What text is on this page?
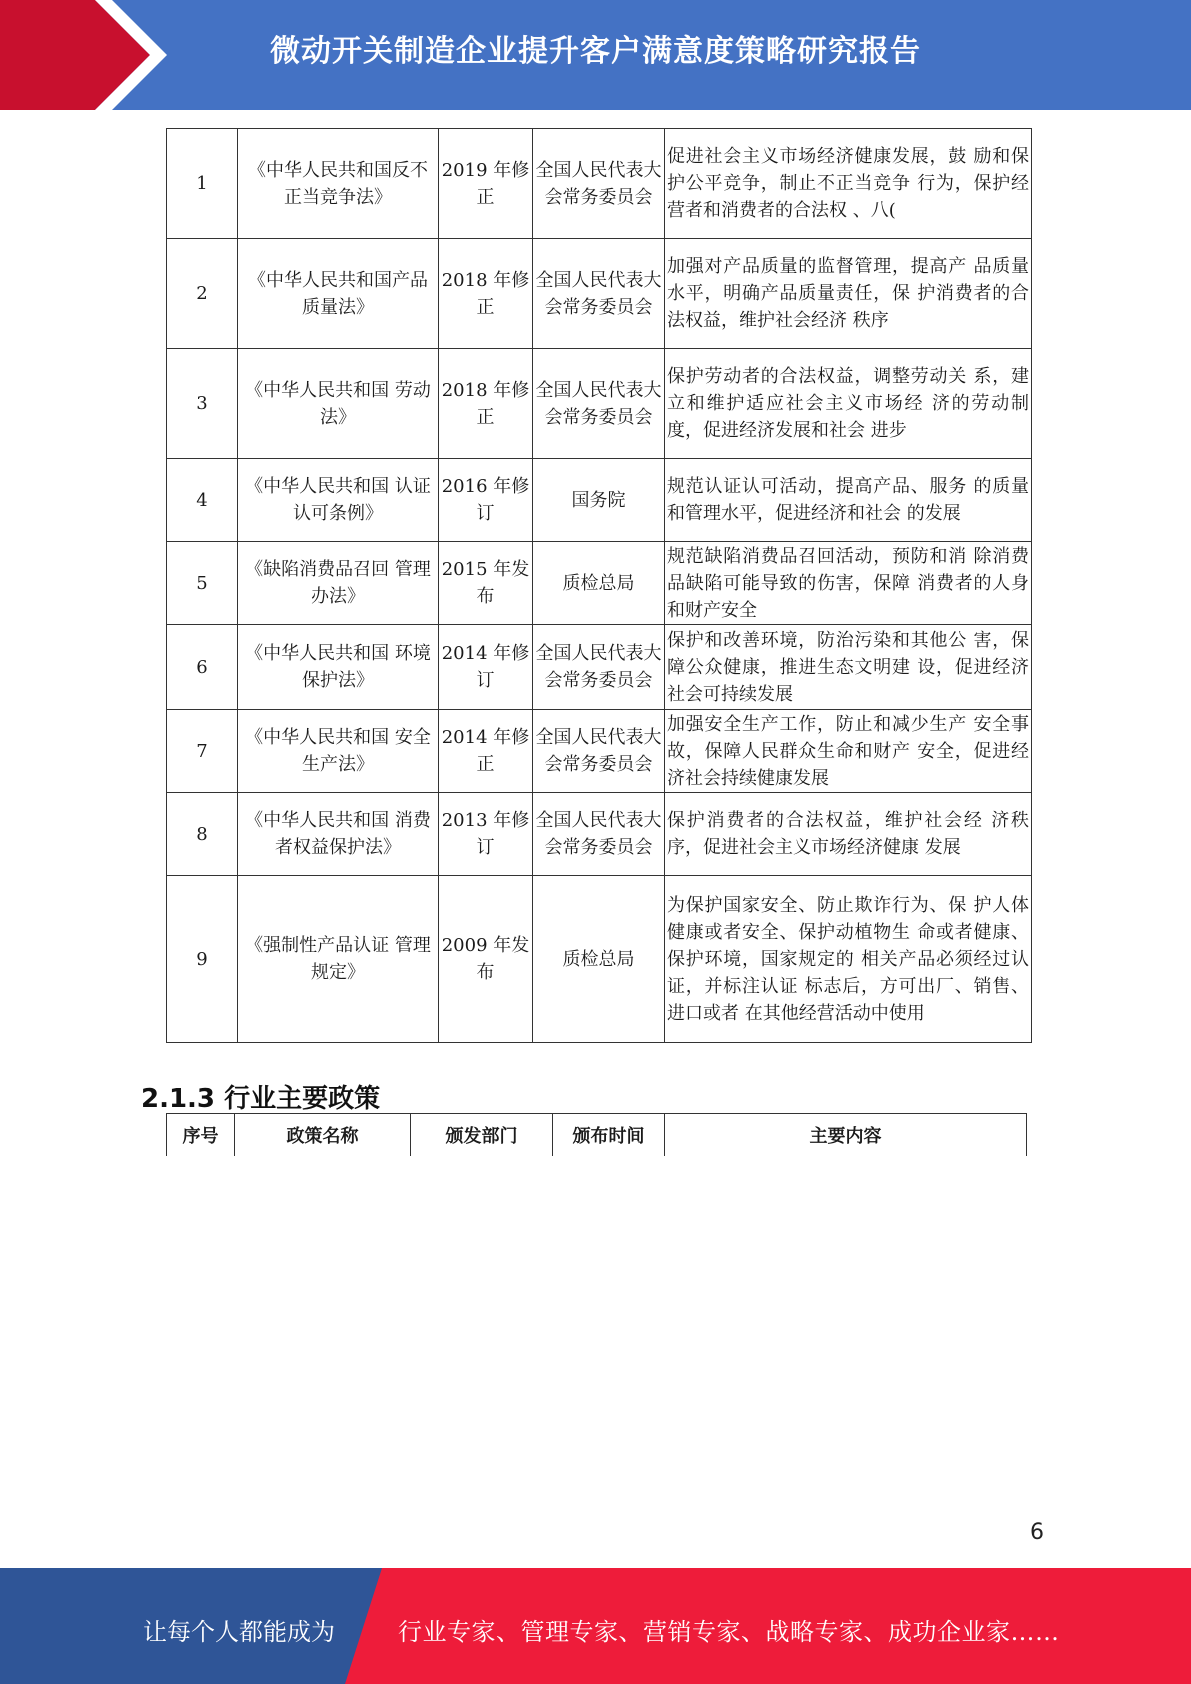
微动开关制造企业提升客户满意度策略研究报告
1	《中华人民共和国反不正当竞争法》	2019 年修正	全国人民代表大会常务委员会	促进社会主义市场经济健康发展，鼓 励和保护公平竞争，制止不正当竞争 行为，保护经营者和消费者的合法权 、八(
2	《中华人民共和国产品质量法》	2018 年修正	全国人民代表大会常务委员会	加强对产品质量的监督管理，提高产 品质量水平，明确产品质量责任，保 护消费者的合法权益，维护社会经济 秩序
3	《中华人民共和国 劳动法》	2018 年修正	全国人民代表大会常务委员会	保护劳动者的合法权益，调整劳动关 系，建立和维护适应社会主义市场经 济的劳动制度，促进经济发展和社会 进步
4	《中华人民共和国 认证认可条例》	2016 年修订	国务院	规范认证认可活动，提高产品、服务 的质量和管理水平，促进经济和社会 的发展
5	《缺陷消费品召回 管理办法》	2015 年发布	质检总局	规范缺陷消费品召回活动，预防和消 除消费品缺陷可能导致的伤害，保障 消费者的人身和财产安全
6	《中华人民共和国 环境保护法》	2014 年修订	全国人民代表大会常务委员会	保护和改善环境，防治污染和其他公 害，保障公众健康，推进生态文明建 设，促进经济社会可持续发展
7	《中华人民共和国 安全生产法》	2014 年修正	全国人民代表大会常务委员会	加强安全生产工作，防止和减少生产 安全事故，保障人民群众生命和财产 安全，促进经济社会持续健康发展
8	《中华人民共和国 消费者权益保护法》	2013 年修订	全国人民代表大会常务委员会	保护消费者的合法权益，维护社会经 济秩序，促进社会主义市场经济健康 发展
9	《强制性产品认证 管理规定》	2009 年发布	质检总局	为保护国家安全、防止欺诈行为、保 护人体健康或者安全、保护动植物生 命或者健康、保护环境，国家规定的 相关产品必须经过认证，并标注认证 标志后，方可出厂、销售、进口或者 在其他经营活动中使用
2.1.3 行业主要政策
序号	政策名称	颁发部门	颁布时间	主要内容
6
让每个人都能成为	行业专家、管理专家、营销专家、战略专家、成功企业家……
